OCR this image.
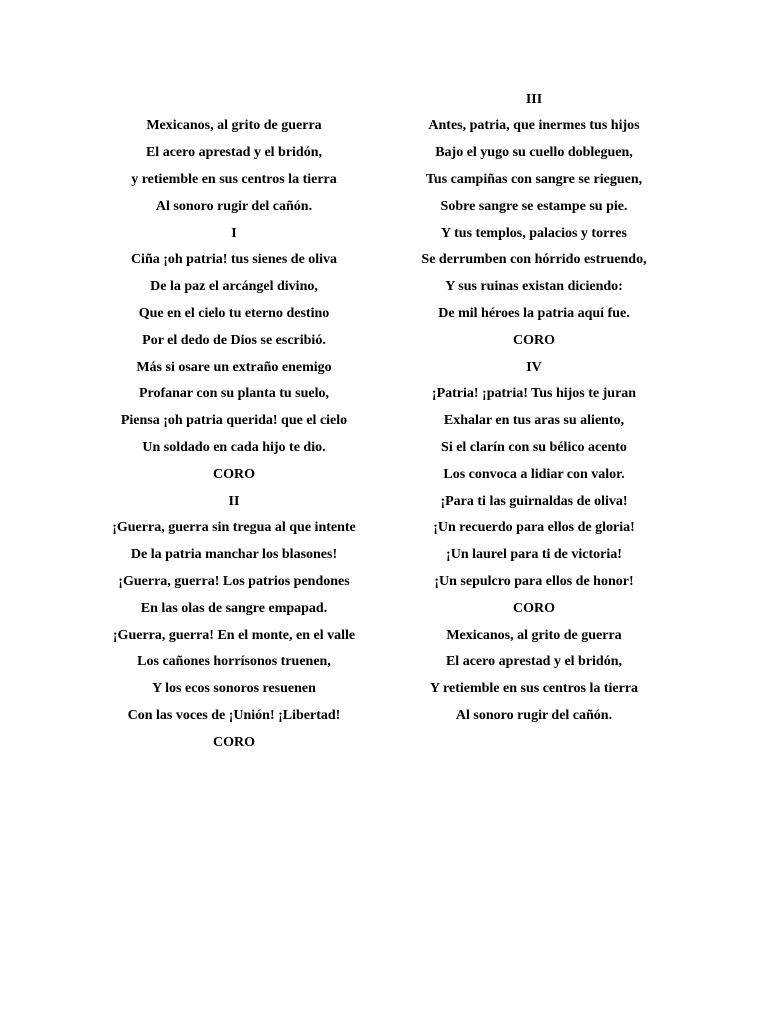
Mexicanos, al grito de guerra
El acero aprestad y el bridón,
y retiemble en sus centros la tierra
Al sonoro rugir del cañón.
I
Ciña ¡oh patria! tus sienes de oliva
De la paz el arcángel divino,
Que en el cielo tu eterno destino
Por el dedo de Dios se escribió.
Más si osare un extraño enemigo
Profanar con su planta tu suelo,
Piensa ¡oh patria querida! que el cielo
Un soldado en cada hijo te dio.
CORO
II
¡Guerra, guerra sin tregua al que intente
De la patria manchar los blasones!
¡Guerra, guerra! Los patrios pendones
En las olas de sangre empapad.
¡Guerra, guerra! En el monte, en el valle
Los cañones horrísonos truenen,
Y los ecos sonoros resuenen
Con las voces de ¡Unión! ¡Libertad!
CORO
III
Antes, patria, que inermes tus hijos
Bajo el yugo su cuello dobleguen,
Tus campiñas con sangre se rieguen,
Sobre sangre se estampe su pie.
Y tus templos, palacios y torres
Se derrumben con hórrido estruendo,
Y sus ruinas existan diciendo:
De mil héroes la patria aquí fue.
CORO
IV
¡Patria! ¡patria! Tus hijos te juran
Exhalar en tus aras su aliento,
Si el clarín con su bélico acento
Los convoca a lidiar con valor.
¡Para ti las guirnaldas de oliva!
¡Un recuerdo para ellos de gloria!
¡Un laurel para ti de victoria!
¡Un sepulcro para ellos de honor!
CORO
Mexicanos, al grito de guerra
El acero aprestad y el bridón,
Y retiemble en sus centros la tierra
Al sonoro rugir del cañón.
